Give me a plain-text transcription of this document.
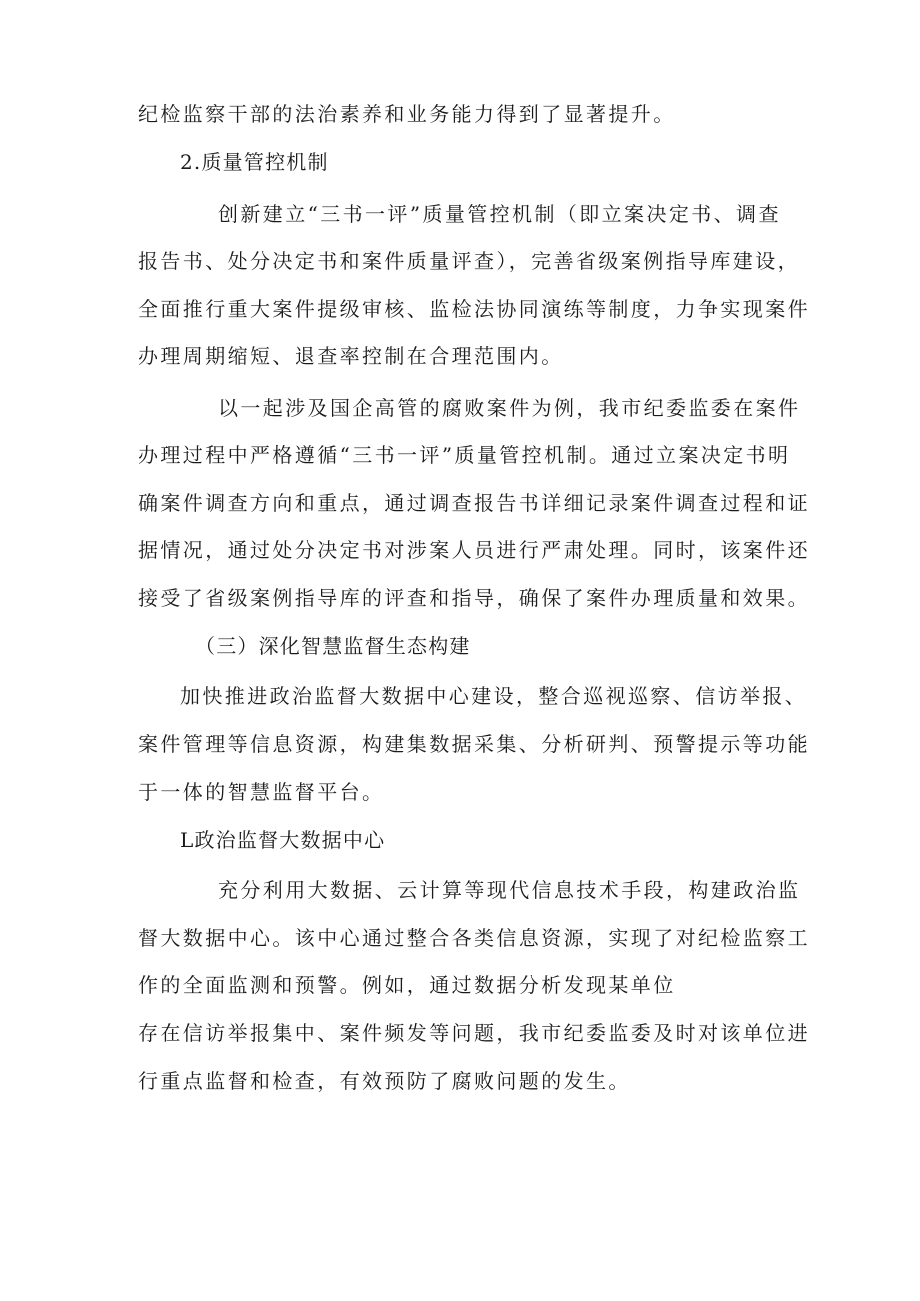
纪检监察干部的法治素养和业务能力得到了显著提升。

2.质量管控机制

创新建立“三书一评”质量管控机制（即立案决定书、调查

报告书、处分决定书和案件质量评查），完善省级案例指导库建设，

全面推行重大案件提级审核、监检法协同演练等制度，力争实现案件

办理周期缩短、退查率控制在合理范围内。

以一起涉及国企高管的腐败案件为例，我市纪委监委在案件

办理过程中严格遵循“三书一评”质量管控机制。通过立案决定书明

确案件调查方向和重点，通过调查报告书详细记录案件调查过程和证

据情况，通过处分决定书对涉案人员进行严肃处理。同时，该案件还

接受了省级案例指导库的评查和指导，确保了案件办理质量和效果。

（三）深化智慧监督生态构建

加快推进政治监督大数据中心建设，整合巡视巡察、信访举报、

案件管理等信息资源，构建集数据采集、分析研判、预警提示等功能

于一体的智慧监督平台。

L政治监督大数据中心

充分利用大数据、云计算等现代信息技术手段，构建政治监

督大数据中心。该中心通过整合各类信息资源，实现了对纪检监察工

作的全面监测和预警。例如，通过数据分析发现某单位

存在信访举报集中、案件频发等问题，我市纪委监委及时对该单位进

行重点监督和检查，有效预防了腐败问题的发生。
